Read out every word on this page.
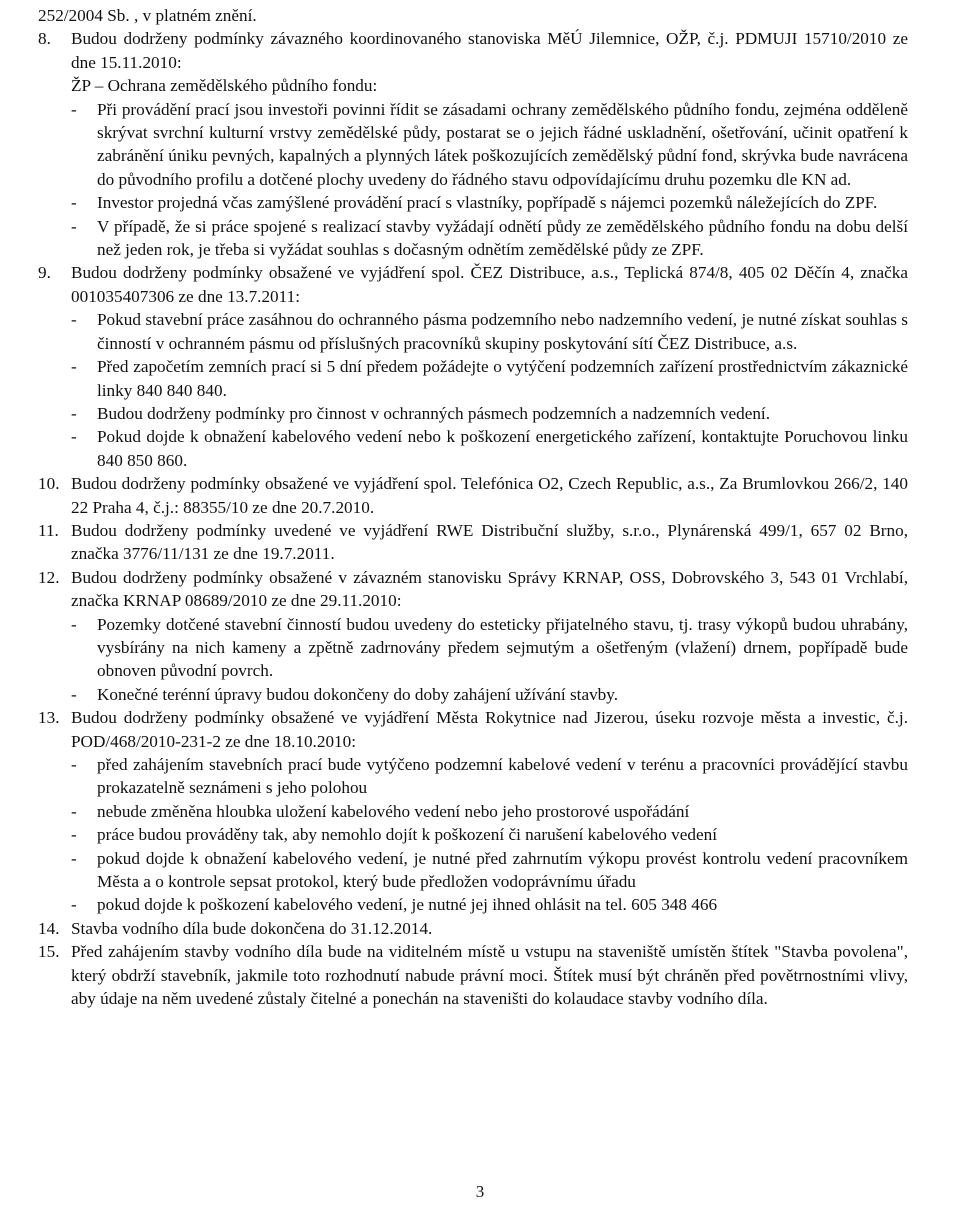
252/2004 Sb. , v platném znění.

8.	Budou dodrženy podmínky závazného koordinovaného stanoviska MěÚ Jilemnice, OŽP, č.j. PDMUJI 15710/2010 ze dne 15.11.2010:

ŽP – Ochrana zemědělského půdního fondu:

-	Při provádění prací jsou investoři povinni řídit se zásadami ochrany zemědělského půdního fondu, zejména odděleně skrývat svrchní kulturní vrstvy zemědělské půdy, postarat se o jejich řádné uskladnění, ošetřování, učinit opatření k zabránění úniku pevných, kapalných a plynných látek poškozujících zemědělský půdní fond, skrývka bude navrácena do původního profilu a dotčené plochy uvedeny do řádného stavu odpovídajícímu druhu pozemku dle KN ad.

-	Investor projedná včas zamýšlené provádění prací s vlastníky, popřípadě s nájemci pozemků náležejících do ZPF.

-	V případě, že si práce spojené s realizací stavby vyžádají odnětí půdy ze zemědělského půdního fondu na dobu delší než jeden rok, je třeba si vyžádat souhlas s dočasným odnětím zemědělské půdy ze ZPF.

9.	Budou dodrženy podmínky obsažené ve vyjádření spol. ČEZ Distribuce, a.s., Teplická 874/8, 405 02 Děčín 4, značka 001035407306 ze dne 13.7.2011:

-	Pokud stavební práce zasáhnou do ochranného pásma podzemního nebo nadzemního vedení, je nutné získat souhlas s činností v ochranném pásmu od příslušných pracovníků skupiny poskytování sítí ČEZ Distribuce, a.s.

-	Před započetím zemních prací si 5 dní předem požádejte o vytýčení podzemních zařízení prostřednictvím zákaznické linky 840 840 840.

-	Budou dodrženy podmínky pro činnost v ochranných pásmech podzemních a nadzemních vedení.

-	Pokud dojde k obnažení kabelového vedení nebo k poškození energetického zařízení, kontaktujte Poruchovou linku 840 850 860.

10. Budou dodrženy podmínky obsažené ve vyjádření spol. Telefónica O2, Czech Republic, a.s., Za Brumlovkou 266/2, 140 22 Praha 4, č.j.: 88355/10 ze dne 20.7.2010.

11. Budou dodrženy podmínky uvedené ve vyjádření RWE Distribuční služby, s.r.o., Plynárenská 499/1, 657 02 Brno, značka 3776/11/131 ze dne 19.7.2011.

12. Budou dodrženy podmínky obsažené v závazném stanovisku Správy KRNAP, OSS, Dobrovského 3, 543 01 Vrchlabí, značka KRNAP 08689/2010 ze dne 29.11.2010:

-	Pozemky dotčené stavební činností budou uvedeny do esteticky přijatelného stavu, tj. trasy výkopů budou uhrabány, vysbírány na nich kameny a zpětně zadrnovány předem sejmutým a ošetřeným (vlažení) drnem, popřípadě bude obnoven původní povrch.

-	Konečné terénní úpravy budou dokončeny do doby zahájení užívání stavby.

13. Budou dodrženy podmínky obsažené ve vyjádření Města Rokytnice nad Jizerou, úseku rozvoje města a investic, č.j. POD/468/2010-231-2 ze dne 18.10.2010:

-	před zahájením stavebních prací bude vytýčeno podzemní kabelové vedení v terénu a pracovníci provádějící stavbu prokazatelně seznámeni s jeho polohou

-	nebude změněna hloubka uložení kabelového vedení nebo jeho prostorové uspořádání

-	práce budou prováděny tak, aby nemohlo dojít k poškození či narušení kabelového vedení

-	pokud dojde k obnažení kabelového vedení, je nutné před zahrnutím výkopu provést kontrolu vedení pracovníkem Města a o kontrole sepsat protokol, který bude předložen vodoprávnímu úřadu

-	pokud dojde k poškození kabelového vedení, je nutné jej ihned ohlásit na tel. 605 348 466

14. Stavba vodního díla bude dokončena do 31.12.2014.

15. Před zahájením stavby vodního díla bude na viditelném místě u vstupu na staveniště umístěn štítek "Stavba povolena", který obdrží stavebník, jakmile toto rozhodnutí nabude právní moci. Štítek musí být chráněn před povětrnostními vlivy, aby údaje na něm uvedené zůstaly čitelné a ponechán na staveništi do kolaudace stavby vodního díla.

3
